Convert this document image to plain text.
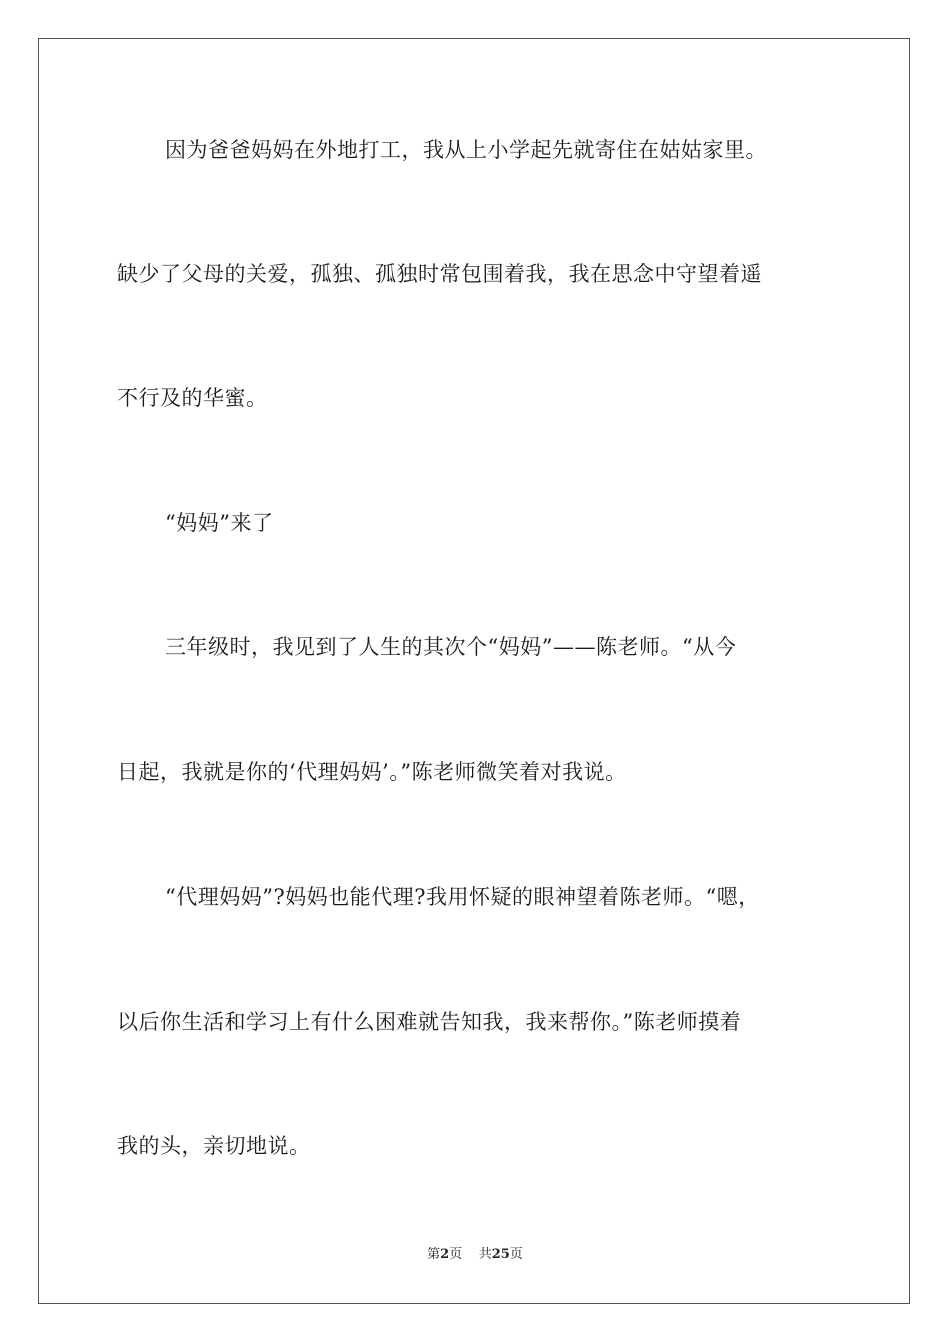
因为爸爸妈妈在外地打工，我从上小学起先就寄住在姑姑家里。
缺少了父母的关爱，孤独、孤独时常包围着我，我在思念中守望着遥
不行及的华蜜。
“妈妈”来了
三年级时，我见到了人生的其次个“妈妈”——陈老师。“从今
日起，我就是你的‘代理妈妈’。”陈老师微笑着对我说。
“代理妈妈”?妈妈也能代理?我用怀疑的眼神望着陈老师。“嗯，
以后你生活和学习上有什么困难就告知我，我来帮你。”陈老师摸着
我的头，亲切地说。
第2页 共25页
